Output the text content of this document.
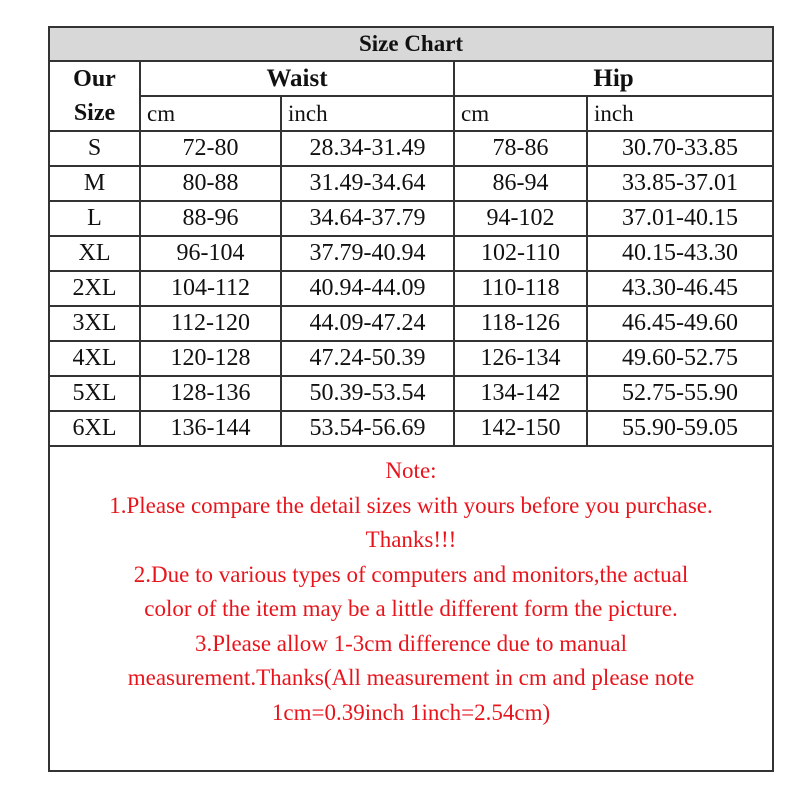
Size Chart				

Our
Size	Waist		Hip	
	cm	inch	cm	inch
S	72-80	28.34-31.49	78-86	30.70-33.85
M	80-88	31.49-34.64	86-94	33.85-37.01
L	88-96	34.64-37.79	94-102	37.01-40.15
XL	96-104	37.79-40.94	102-110	40.15-43.30
2XL	104-112	40.94-44.09	110-118	43.30-46.45
3XL	112-120	44.09-47.24	118-126	46.45-49.60
4XL	120-128	47.24-50.39	126-134	49.60-52.75
5XL	128-136	50.39-53.54	134-142	52.75-55.90
6XL	136-144	53.54-56.69	142-150	55.90-59.05
Note:
1.Please compare the detail sizes with yours before you purchase.
Thanks!!!
2.Due to various types of computers and monitors,the actual
color of the item may be a little different form the picture.
3.Please allow 1-3cm difference due to manual
measurement.Thanks(All measurement in cm and please note
1cm=0.39inch 1inch=2.54cm)
